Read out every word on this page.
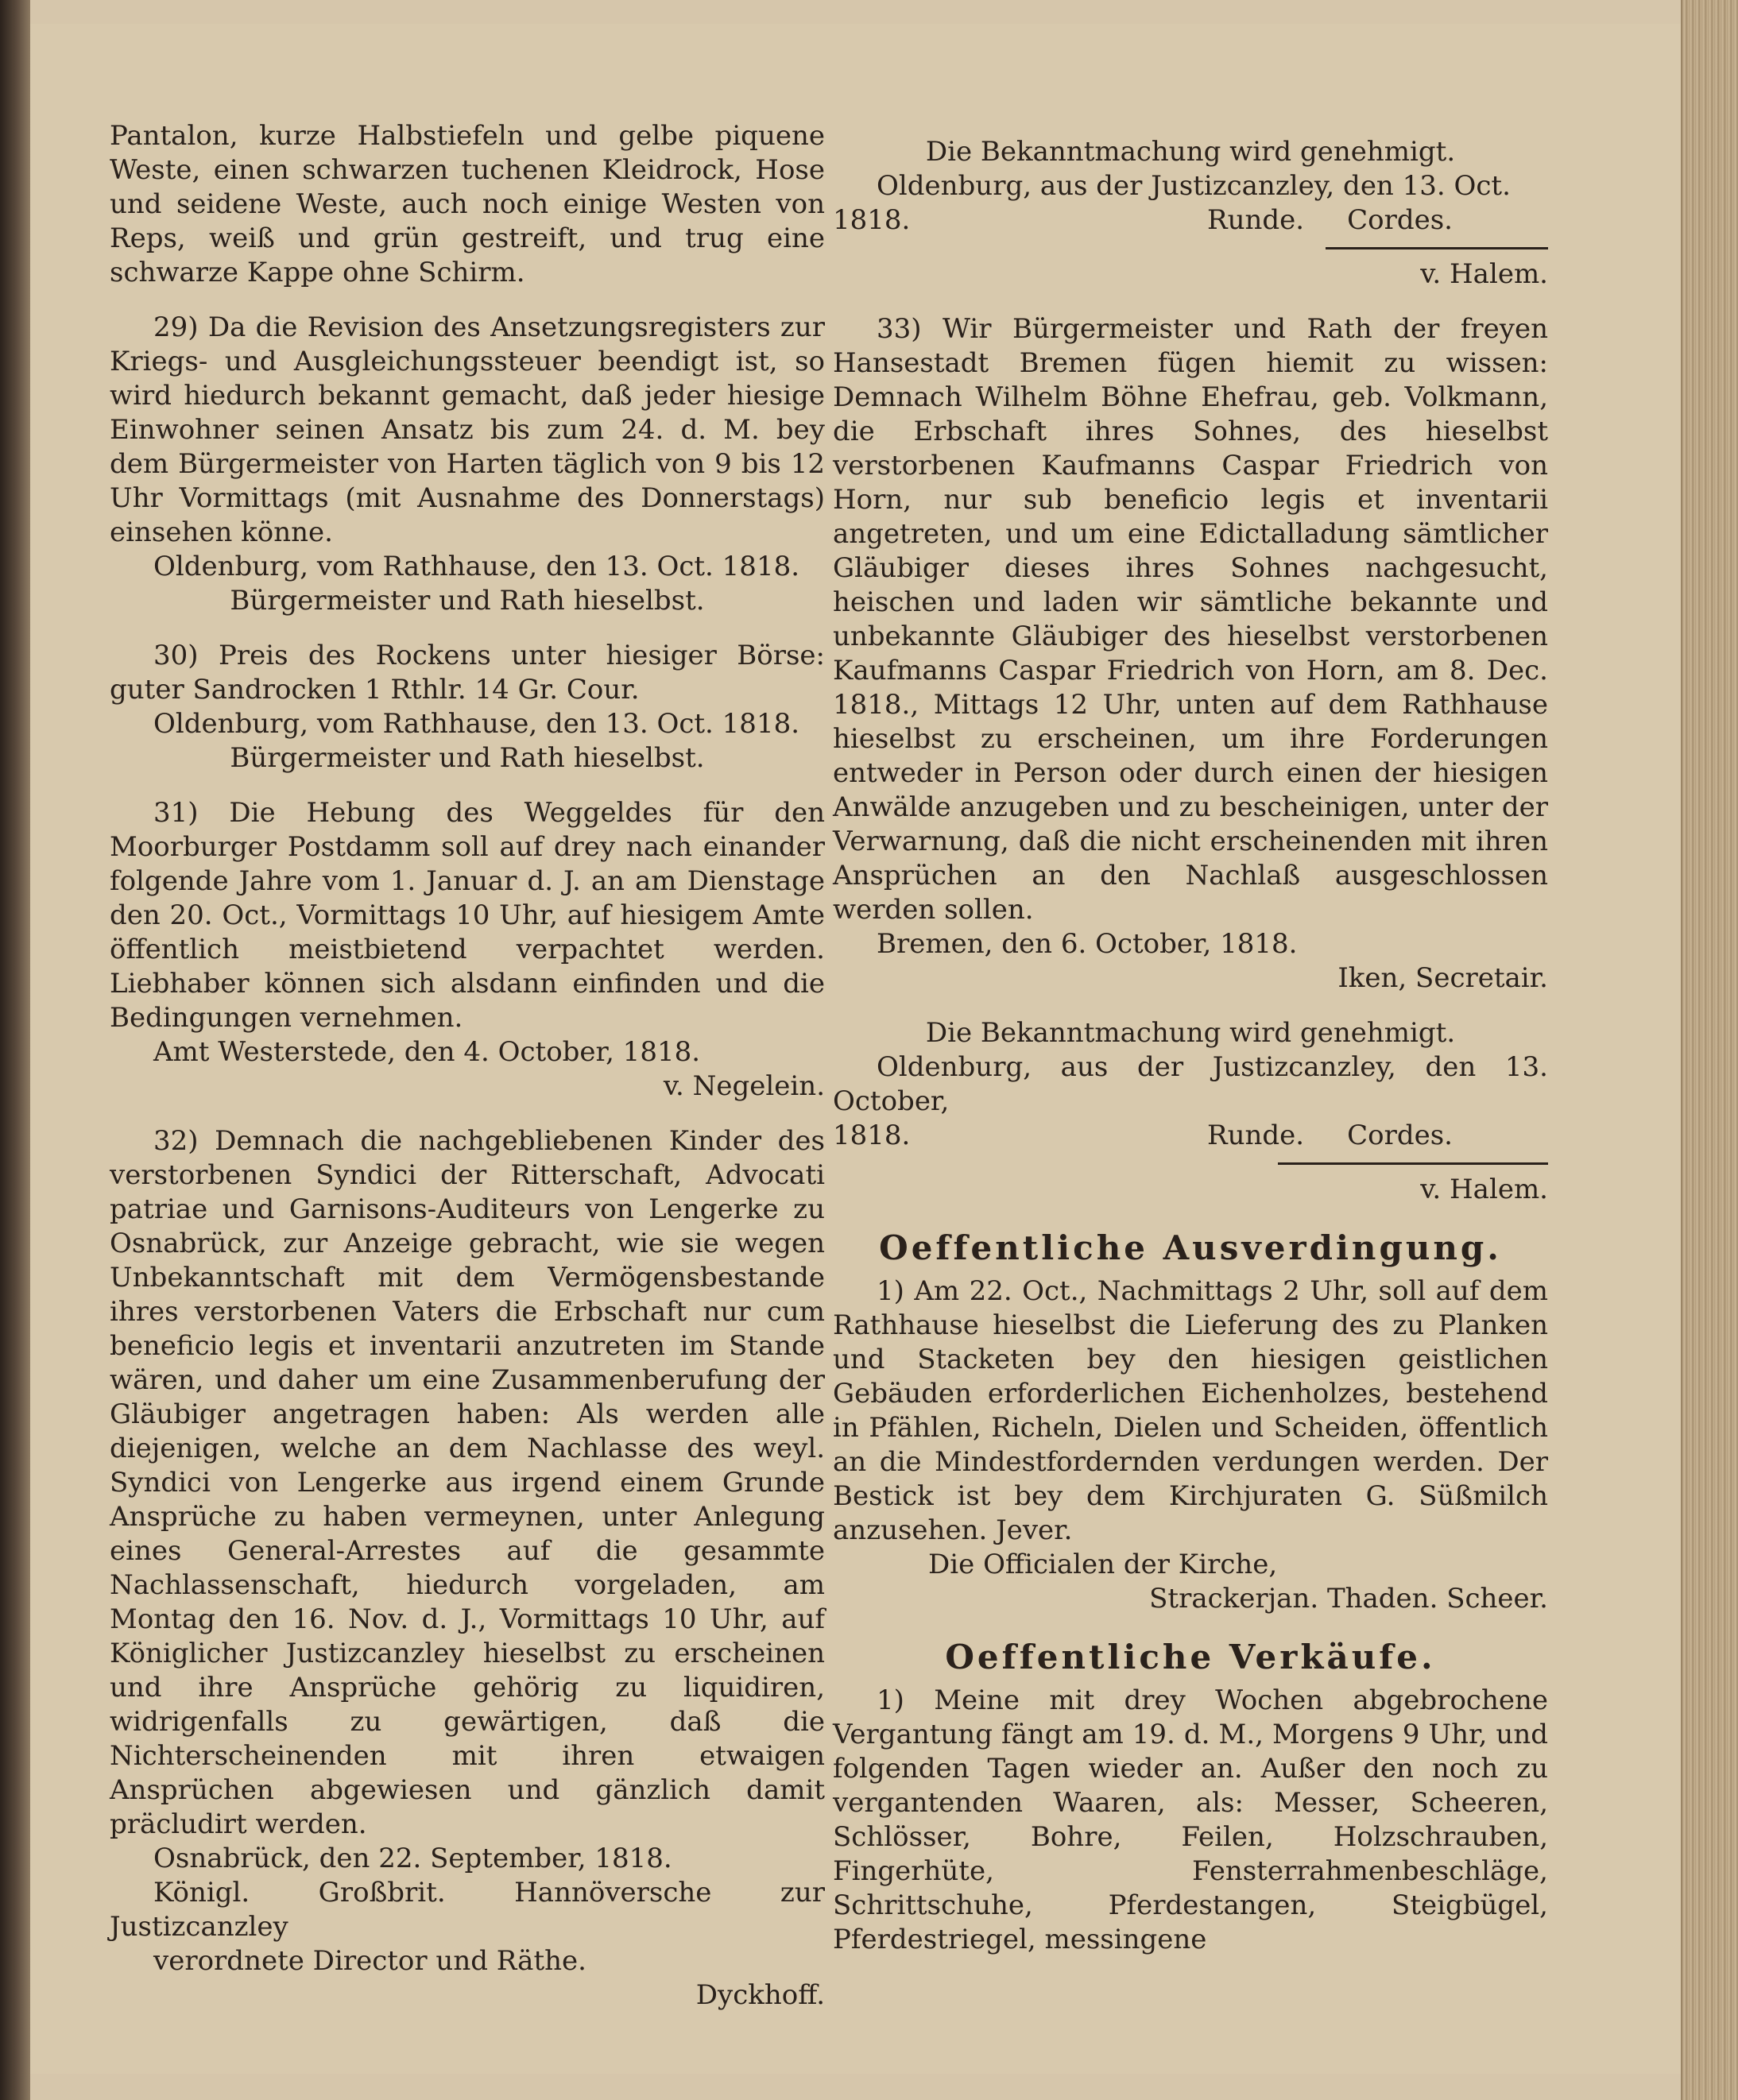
Pantalon, kurze Halbstiefeln und gelbe piquene Weste, einen schwarzen tuchenen Kleidrock, Hose und seidene Weste, auch noch einige Westen von Reps, weiß und grün gestreift, und trug eine schwarze Kappe ohne Schirm.

29) Da die Revision des Ansetzungsregisters zur Kriegs- und Ausgleichungssteuer beendigt ist, so wird hiedurch bekannt gemacht, daß jeder hiesige Einwohner seinen Ansatz bis zum 24. d. M. bey dem Bürgermeister von Harten täglich von 9 bis 12 Uhr Vormittags (mit Ausnahme des Donnerstags) einsehen könne.

Oldenburg, vom Rathhause, den 13. Oct. 1818.

Bürgermeister und Rath hieselbst.

30) Preis des Rockens unter hiesiger Börse: guter Sandrocken 1 Rthlr. 14 Gr. Cour.

Oldenburg, vom Rathhause, den 13. Oct. 1818.

Bürgermeister und Rath hieselbst.

31) Die Hebung des Weggeldes für den Moorburger Postdamm soll auf drey nach einander folgende Jahre vom 1. Januar d. J. an am Dienstage den 20. Oct., Vormittags 10 Uhr, auf hiesigem Amte öffentlich meistbietend verpachtet werden. Liebhaber können sich alsdann einfinden und die Bedingungen vernehmen.

Amt Westerstede, den 4. October, 1818.

v. Negelein.

32) Demnach die nachgebliebenen Kinder des verstorbenen Syndici der Ritterschaft, Advocati patriae und Garnisons-Auditeurs von Lengerke zu Osnabrück, zur Anzeige gebracht, wie sie wegen Unbekanntschaft mit dem Vermögensbestande ihres verstorbenen Vaters die Erbschaft nur cum beneficio legis et inventarii anzutreten im Stande wären, und daher um eine Zusammenberufung der Gläubiger angetragen haben: Als werden alle diejenigen, welche an dem Nachlasse des weyl. Syndici von Lengerke aus irgend einem Grunde Ansprüche zu haben vermeynen, unter Anlegung eines General-Arrestes auf die gesammte Nachlassenschaft, hiedurch vorgeladen, am Montag den 16. Nov. d. J., Vormittags 10 Uhr, auf Königlicher Justizcanzley hieselbst zu erscheinen und ihre Ansprüche gehörig zu liquidiren, widrigenfalls zu gewärtigen, daß die Nichterscheinenden mit ihren etwaigen Ansprüchen abgewiesen und gänzlich damit präcludirt werden.

Osnabrück, den 22. September, 1818.

Königl. Großbrit. Hannöversche zur Justizcanzley

verordnete Director und Räthe.

Dyckhoff.

Die Bekanntmachung wird genehmigt.

Oldenburg, aus der Justizcanzley, den 13. Oct.

1818.	Runde.     Cordes.

v. Halem.

33) Wir Bürgermeister und Rath der freyen Hansestadt Bremen fügen hiemit zu wissen: Demnach Wilhelm Böhne Ehefrau, geb. Volkmann, die Erbschaft ihres Sohnes, des hieselbst verstorbenen Kaufmanns Caspar Friedrich von Horn, nur sub beneficio legis et inventarii angetreten, und um eine Edictalladung sämtlicher Gläubiger dieses ihres Sohnes nachgesucht, heischen und laden wir sämtliche bekannte und unbekannte Gläubiger des hieselbst verstorbenen Kaufmanns Caspar Friedrich von Horn, am 8. Dec. 1818., Mittags 12 Uhr, unten auf dem Rathhause hieselbst zu erscheinen, um ihre Forderungen entweder in Person oder durch einen der hiesigen Anwälde anzugeben und zu bescheinigen, unter der Verwarnung, daß die nicht erscheinenden mit ihren Ansprüchen an den Nachlaß ausgeschlossen werden sollen.

Bremen, den 6. October, 1818.

Iken, Secretair.

Die Bekanntmachung wird genehmigt.

Oldenburg, aus der Justizcanzley, den 13. October,

1818.	Runde.     Cordes.

v. Halem.

Oeffentliche Ausverdingung.

1) Am 22. Oct., Nachmittags 2 Uhr, soll auf dem Rathhause hieselbst die Lieferung des zu Planken und Stacketen bey den hiesigen geistlichen Gebäuden erforderlichen Eichenholzes, bestehend in Pfählen, Richeln, Dielen und Scheiden, öffentlich an die Mindestfordernden verdungen werden. Der Bestick ist bey dem Kirchjuraten G. Süßmilch anzusehen. Jever.

Die Officialen der Kirche,

Strackerjan. Thaden. Scheer.

Oeffentliche Verkäufe.

1) Meine mit drey Wochen abgebrochene Vergantung fängt am 19. d. M., Morgens 9 Uhr, und folgenden Tagen wieder an. Außer den noch zu vergantenden Waaren, als: Messer, Scheeren, Schlösser, Bohre, Feilen, Holzschrauben, Fingerhüte, Fensterrahmenbeschläge, Schrittschuhe, Pferdestangen, Steigbügel, Pferdestriegel, messingene
